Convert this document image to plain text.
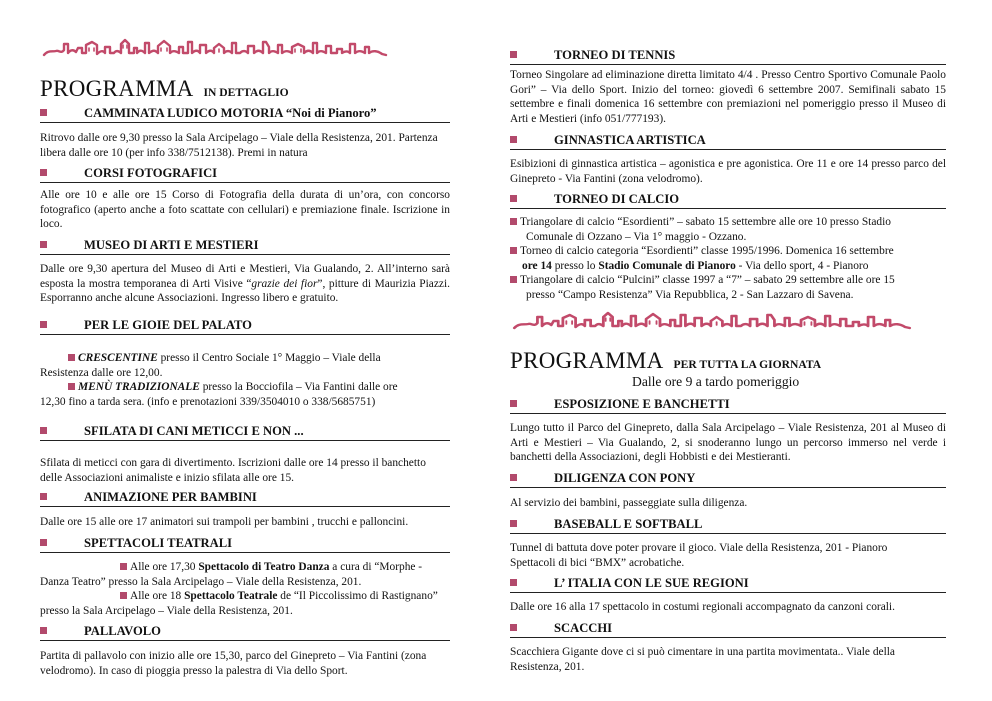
PROGRAMMA IN DETTAGLIO
CAMMINATA LUDICO MOTORIA “Noi di Pianoro”
Ritrovo dalle ore 9,30 presso la Sala Arcipelago – Viale della Resistenza, 201. Partenza
libera dalle ore 10 (per info 338/7512138). Premi in natura
CORSI FOTOGRAFICI
Alle ore 10 e alle ore 15 Corso di Fotografia della durata di un’ora, con concorso fotografico (aperto anche a foto scattate con cellulari) e premiazione finale. Iscrizione in loco.
MUSEO DI ARTI E MESTIERI
Dalle ore 9,30 apertura del Museo di Arti e Mestieri, Via Gualando, 2. All’interno sarà esposta la mostra temporanea di Arti Visive “grazie dei fior”, pitture di Maurizia Piazzi. Esporranno anche alcune Associazioni. Ingresso libero e gratuito.
PER LE GIOIE DEL PALATO
CRESCENTINE presso il Centro Sociale 1° Maggio – Viale della
Resistenza dalle ore 12,00.
MENÙ TRADIZIONALE presso la Bocciofila – Via Fantini dalle ore
12,30 fino a tarda sera. (info e prenotazioni 339/3504010 o 338/5685751)
SFILATA DI CANI METICCI E NON ...
Sfilata di meticci con gara di divertimento. Iscrizioni dalle ore 14 presso il banchetto
delle Associazioni animaliste e inizio sfilata alle ore 15.
ANIMAZIONE PER BAMBINI
Dalle ore 15 alle ore 17 animatori sui trampoli per bambini , trucchi e palloncini.
SPETTACOLI TEATRALI
Alle ore 17,30 Spettacolo di Teatro Danza a cura di “Morphe -
Danza Teatro” presso la Sala Arcipelago – Viale della Resistenza, 201.
Alle ore 18 Spettacolo Teatrale de “Il Piccolissimo di Rastignano”
presso la Sala Arcipelago – Viale della Resistenza, 201.
PALLAVOLO
Partita di pallavolo con inizio alle ore 15,30, parco del Ginepreto – Via Fantini (zona
velodromo). In caso di pioggia presso la palestra di Via dello Sport.
TORNEO DI TENNIS
Torneo Singolare ad eliminazione diretta limitato 4/4 . Presso Centro Sportivo Comunale Paolo Gori” – Via dello Sport. Inizio del torneo: giovedì 6 settembre 2007. Semifinali sabato 15 settembre e finali domenica 16 settembre con premiazioni nel pomeriggio presso il Museo di Arti e Mestieri (info 051/777193).
GINNASTICA ARTISTICA
Esibizioni di ginnastica artistica – agonistica e pre agonistica. Ore 11 e ore 14 presso parco del Ginepreto - Via Fantini (zona velodromo).
TORNEO DI CALCIO
Triangolare di calcio “Esordienti” – sabato 15 settembre alle ore 10 presso Stadio
Comunale di Ozzano – Via 1° maggio - Ozzano.
Torneo di calcio categoria “Esordienti” classe 1995/1996. Domenica 16 settembre
ore 14 presso lo Stadio Comunale di Pianoro - Via dello sport, 4 - Pianoro
Triangolare di calcio “Pulcini” classe 1997 a “7” – sabato 29 settembre alle ore 15
presso “Campo Resistenza” Via Repubblica, 2 - San Lazzaro di Savena.
PROGRAMMA PER TUTTA LA GIORNATA
Dalle ore 9 a tardo pomeriggio
ESPOSIZIONE E BANCHETTI
Lungo tutto il Parco del Ginepreto, dalla Sala Arcipelago – Viale Resistenza, 201 al Museo di Arti e Mestieri – Via Gualando, 2, si snoderanno lungo un percorso immerso nel verde i banchetti della Associazioni, degli Hobbisti e dei Mestieranti.
DILIGENZA CON PONY
Al servizio dei bambini, passeggiate sulla diligenza.
BASEBALL E SOFTBALL
Tunnel di battuta dove poter provare il gioco. Viale della Resistenza, 201 - Pianoro
Spettacoli di bici “BMX” acrobatiche.
L’ ITALIA CON LE SUE REGIONI
Dalle ore 16 alla 17 spettacolo in costumi regionali accompagnato da canzoni corali.
SCACCHI
Scacchiera Gigante dove ci si può cimentare in una partita movimentata.. Viale della
Resistenza, 201.
